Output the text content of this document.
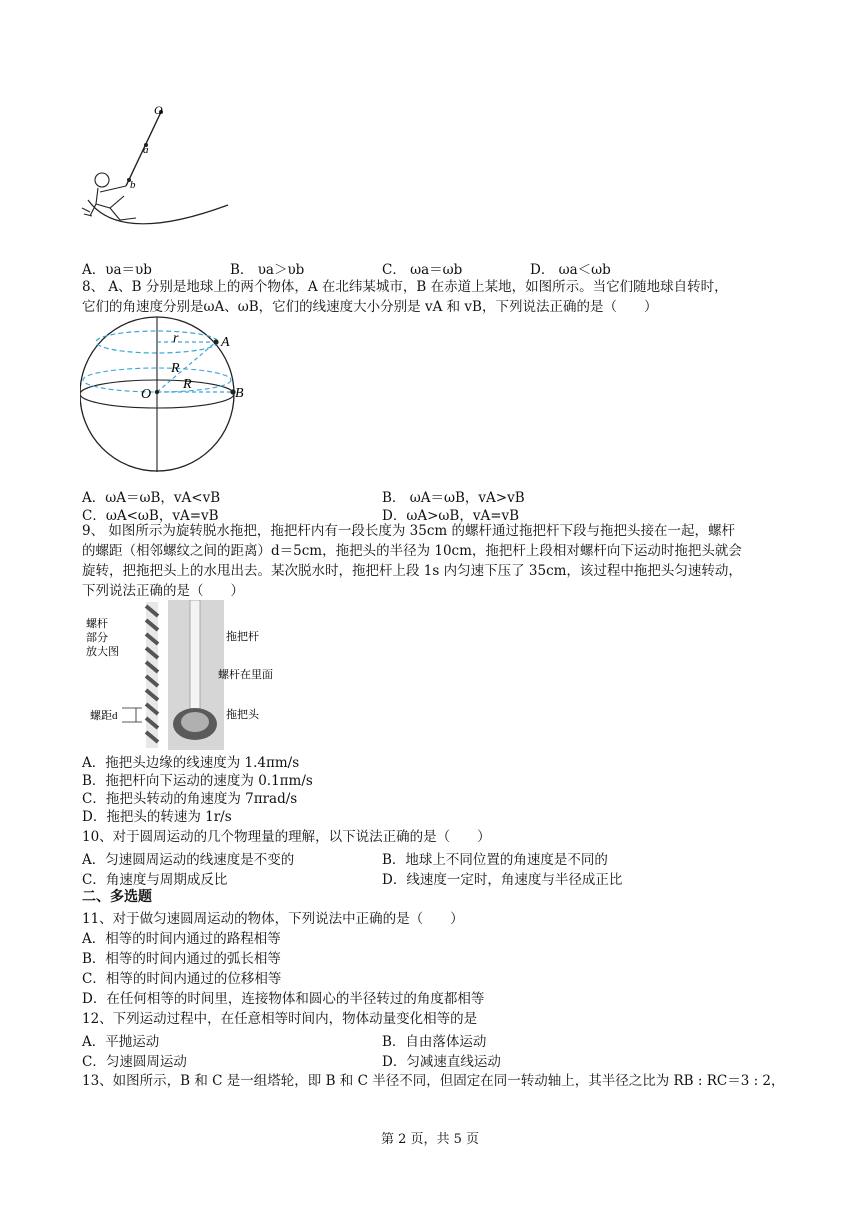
O
a
b
A．υa＝υb	B． υa＞υb	C． ωa＝ωb	D． ωa＜ωb
8、 A、B 分别是地球上的两个物体，A 在北纬某城市，B 在赤道上某地，如图所示。当它们随地球自转时，
它们的角速度分别是ωA、ωB，它们的线速度大小分别是 vA 和 vB，下列说法正确的是（　　）
r	A
R
O
R
B
A．ωA＝ωB，vA<vB	B． ωA＝ωB，vA>vB
C．ωA<ωB，vA=vB	D．ωA>ωB，vA=vB
9、 如图所示为旋转脱水拖把，拖把杆内有一段长度为 35cm 的螺杆通过拖把杆下段与拖把头接在一起，螺杆
的螺距（相邻螺纹之间的距离）d＝5cm，拖把头的半径为 10cm，拖把杆上段相对螺杆向下运动时拖把头就会
旋转，把拖把头上的水甩出去。某次脱水时，拖把杆上段 1s 内匀速下压了 35cm，该过程中拖把头匀速转动，
下列说法正确的是（　　）
螺杆
部分
放大图
螺距d
拖把杆
螺杆在里面
拖把头
A．拖把头边缘的线速度为 1.4πm/s
B．拖把杆向下运动的速度为 0.1πm/s
C．拖把头转动的角速度为 7πrad/s
D．拖把头的转速为 1r/s
10、对于圆周运动的几个物理量的理解，以下说法正确的是（　　）
A．匀速圆周运动的线速度是不变的	B．地球上不同位置的角速度是不同的
C．角速度与周期成反比	D．线速度一定时，角速度与半径成正比
二、多选题
11、对于做匀速圆周运动的物体，下列说法中正确的是（　　）
A．相等的时间内通过的路程相等
B．相等的时间内通过的弧长相等
C．相等的时间内通过的位移相等
D．在任何相等的时间里，连接物体和圆心的半径转过的角度都相等
12、下列运动过程中，在任意相等时间内，物体动量变化相等的是
A．平抛运动	B．自由落体运动
C．匀速圆周运动	D．匀减速直线运动
13、如图所示，B 和 C 是一组塔轮，即 B 和 C 半径不同，但固定在同一转动轴上，其半径之比为 RB : RC＝3 : 2，
第 2 页，共 5 页
